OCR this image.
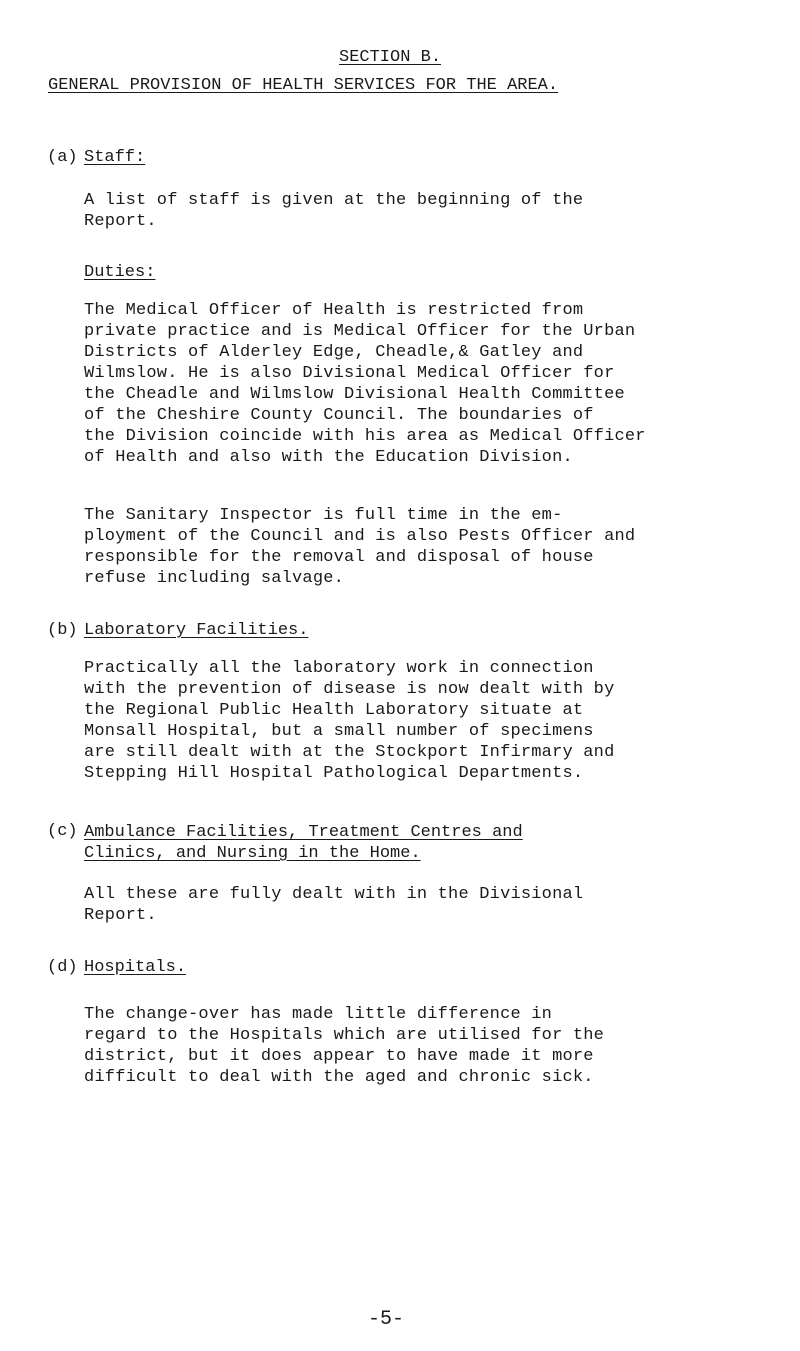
SECTION B.
GENERAL PROVISION OF HEALTH SERVICES FOR THE AREA.
(a) Staff:
A list of staff is given at the beginning of the
Report.
Duties:
The Medical Officer of Health is restricted from
private practice and is Medical Officer for the Urban
Districts of Alderley Edge, Cheadle,& Gatley and
Wilmslow. He is also Divisional Medical Officer for
the Cheadle and Wilmslow Divisional Health Committee
of the Cheshire County Council. The boundaries of
the Division coincide with his area as Medical Officer
of Health and also with the Education Division.
The Sanitary Inspector is full time in the em-
ployment of the Council and is also Pests Officer and
responsible for the removal and disposal of house
refuse including salvage.
(b) Laboratory Facilities.
Practically all the laboratory work in connection
with the prevention of disease is now dealt with by
the Regional Public Health Laboratory situate at
Monsall Hospital, but a small number of specimens
are still dealt with at the Stockport Infirmary and
Stepping Hill Hospital Pathological Departments.
(c) Ambulance Facilities, Treatment Centres and
Clinics, and Nursing in the Home.
All these are fully dealt with in the Divisional
Report.
(d) Hospitals.
The change-over has made little difference in
regard to the Hospitals which are utilised for the
district, but it does appear to have made it more
difficult to deal with the aged and chronic sick.
-5-
